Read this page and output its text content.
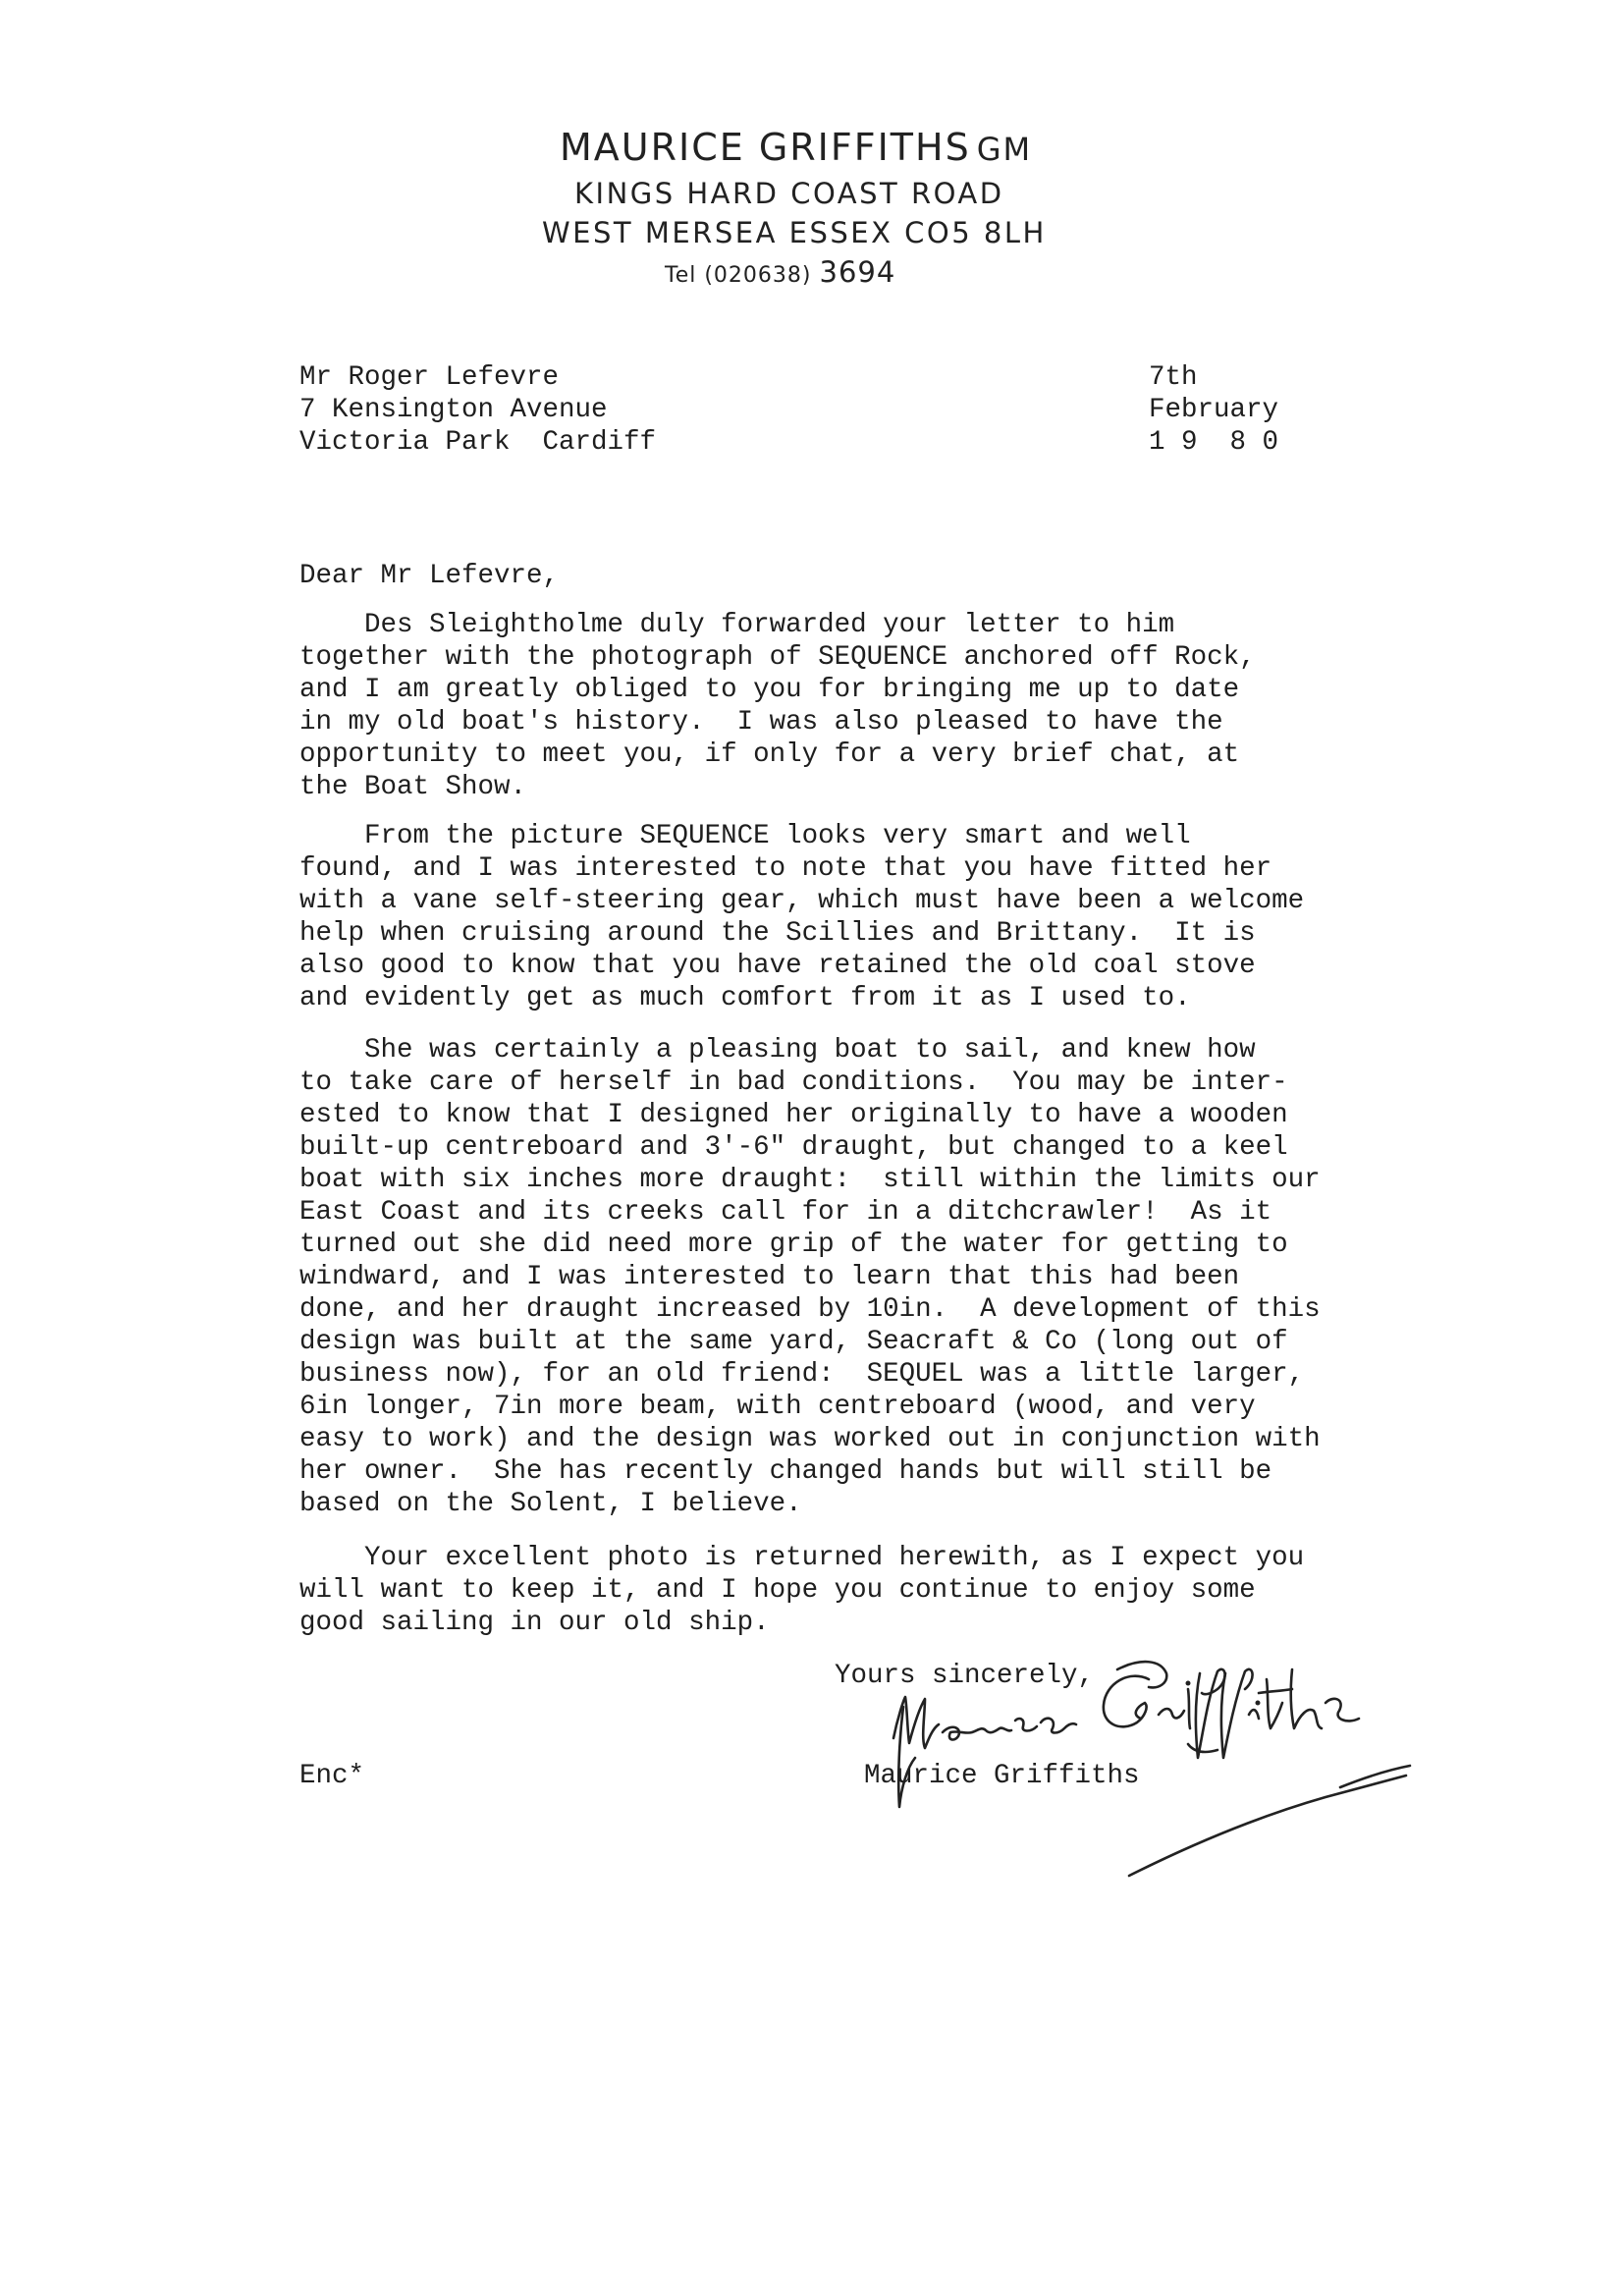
MAURICE GRIFFITHS GM
KINGS HARD COAST ROAD
WEST MERSEA ESSEX CO5 8LH
Tel (020638) 3694
Mr Roger Lefevre
7 Kensington Avenue
Victoria Park  Cardiff
7th
February
1 9  8 0
Dear Mr Lefevre,
Des Sleightholme duly forwarded your letter to him
together with the photograph of SEQUENCE anchored off Rock,
and I am greatly obliged to you for bringing me up to date
in my old boat's history.  I was also pleased to have the
opportunity to meet you, if only for a very brief chat, at
the Boat Show.
From the picture SEQUENCE looks very smart and well
found, and I was interested to note that you have fitted her
with a vane self-steering gear, which must have been a welcome
help when cruising around the Scillies and Brittany.  It is
also good to know that you have retained the old coal stove
and evidently get as much comfort from it as I used to.
She was certainly a pleasing boat to sail, and knew how
to take care of herself in bad conditions.  You may be inter-
ested to know that I designed her originally to have a wooden
built-up centreboard and 3'-6" draught, but changed to a keel
boat with six inches more draught:  still within the limits our
East Coast and its creeks call for in a ditchcrawler!  As it
turned out she did need more grip of the water for getting to
windward, and I was interested to learn that this had been
done, and her draught increased by 10in.  A development of this
design was built at the same yard, Seacraft & Co (long out of
business now), for an old friend:  SEQUEL was a little larger,
6in longer, 7in more beam, with centreboard (wood, and very
easy to work) and the design was worked out in conjunction with
her owner.  She has recently changed hands but will still be
based on the Solent, I believe.
Your excellent photo is returned herewith, as I expect you
will want to keep it, and I hope you continue to enjoy some
good sailing in our old ship.
Yours sincerely,
Maurice Griffiths
Enc*
